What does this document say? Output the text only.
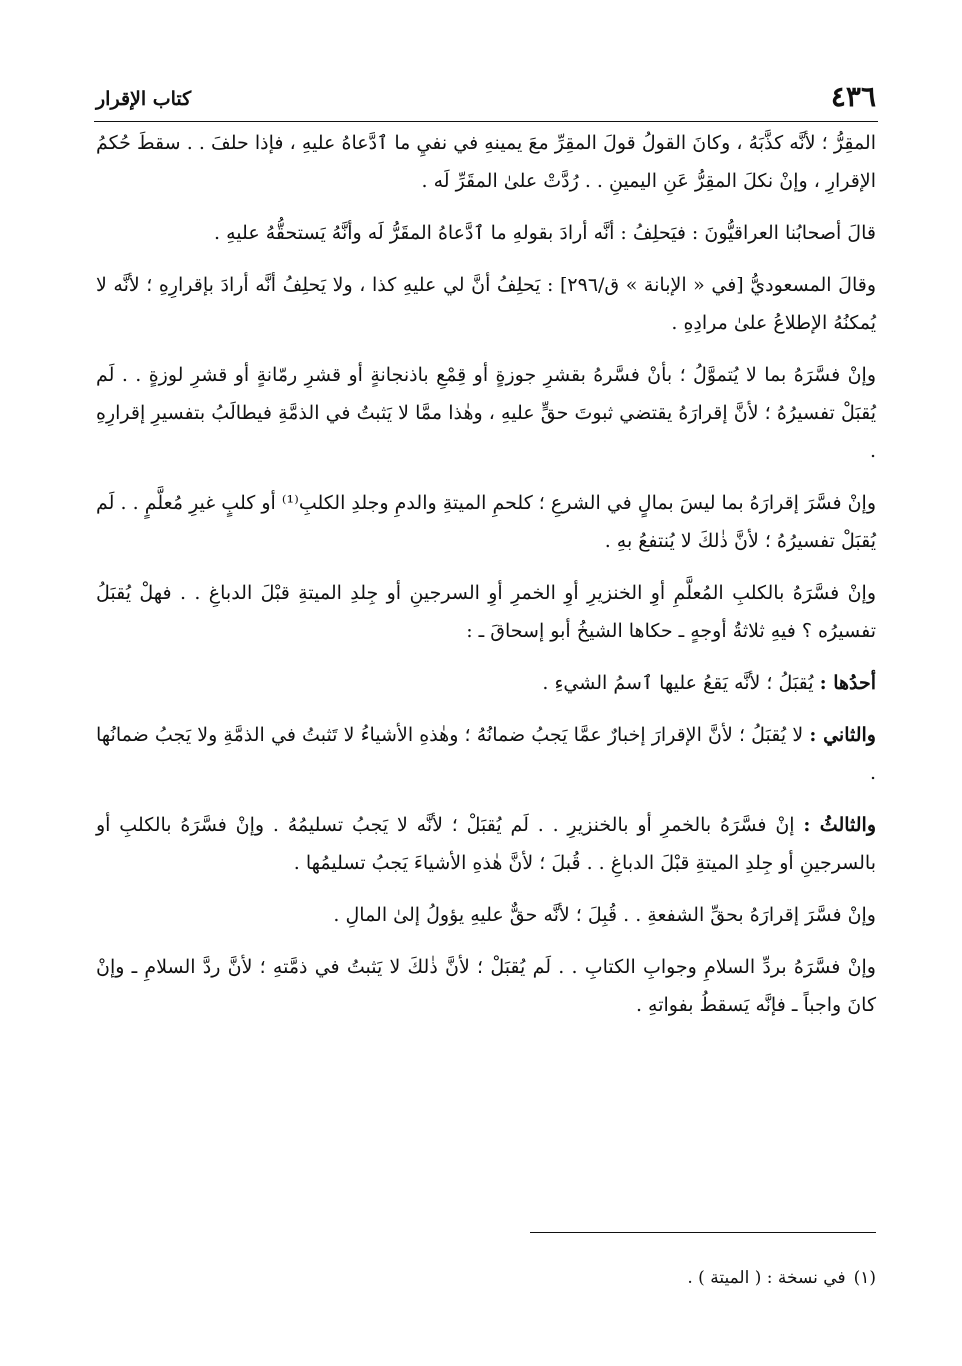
٤٣٦
كتاب الإقرار

المقِرُّ ؛ لأنَّه كذَّبَهُ ، وكانَ القولُ قولَ المقِرِّ معَ يمينهِ في نفيِ ما ٱدَّعاهُ عليهِ ، فإذا حلفَ . . سقطَ حُكمُ الإقرارِ ، وإنْ نكلَ المقِرُّ عَنِ اليمينِ . . رُدَّتْ علىٰ المقَرِّ لَه .

قالَ أصحابُنا العراقيُّونَ : فيَحلِفُ : أنَّه أرادَ بقولهِ ما ٱدَّعاهُ المقَرُّ لَه وأنَّهُ يَستحقُّهُ عليهِ .

وقالَ المسعوديُّ [في « الإبانة » ق/٢٩٦] : يَحلِفُ أنَّ لي عليهِ كذا ، ولا يَحلِفُ أنَّه أرادَ بإقرارِهِ ؛ لأنَّه لا يُمكنُهُ الإطلاعُ علىٰ مرادِهِ .

وإنْ فسَّرَهُ بما لا يُتموَّلُ ؛ بأنْ فسَّرهُ بقشرِ جوزةٍ أو قِمْعِ باذنجانةٍ أو قشرِ رمّانةٍ أو قشرِ لوزةٍ . . لَم يُقبَلْ تفسيرُهُ ؛ لأنَّ إقرارَهُ يقتضي ثبوتَ حقٍّ عليهِ ، وهٰذا ممَّا لا يَثبتُ في الذمَّةِ فيطالَبُ بتفسيرِ إقرارِهِ .

وإنْ فسَّرَ إقرارَهُ بما ليسَ بمالٍ في الشرعِ ؛ كلحمِ الميتةِ والدمِ وجلدِ الكلبِ⁽¹⁾ أو كلبٍ غيرِ مُعلَّمٍ . . لَم يُقبَلْ تفسيرُهُ ؛ لأنَّ ذٰلكَ لا يُنتفعُ بهِ .

وإنْ فسَّرَهُ بالكلبِ المُعلَّمِ أوِ الخنزيرِ أوِ الخمرِ أوِ السرجينِ أو جِلدِ الميتةِ قبْلَ الدباغِ . . فهلْ يُقبَلُ تفسيرُه ؟ فيهِ ثلاثةُ أوجهٍ ـ حكاها الشيخُ أبو إسحاقَ ـ :

أحدُها : يُقبَلُ ؛ لأنَّه يَقعُ عليها ٱسمُ الشيءِ .

والثاني : لا يُقبَلُ ؛ لأنَّ الإقرارَ إخبارٌ عمَّا يَجبُ ضمانُهُ ؛ وهٰذهِ الأشياءُ لا تَثبتُ في الذمَّةِ ولا يَجبُ ضمانُها .

والثالثُ : إنْ فسَّرَهُ بالخمرِ أو بالخنزيرِ . . لَم يُقبَلْ ؛ لأنَّه لا يَجبُ تسليمُهُ . وإنْ فسَّرَهُ بالكلبِ أو بالسرجينِ أو جِلدِ الميتةِ قبْلَ الدباغِ . . قُبلَ ؛ لأنَّ هٰذهِ الأشياءَ يَجبُ تسليمُها .

وإنْ فسَّرَ إقرارَهُ بحقِّ الشفعةِ . . قُبِلَ ؛ لأنَّه حقٌّ عليهِ يؤولُ إلىٰ المالِ .

وإنْ فسَّرَهُ بردِّ السلامِ وجوابِ الكتابِ . . لَم يُقبَلْ ؛ لأنَّ ذٰلكَ لا يَثبتُ في ذمَّتهِ ؛ لأنَّ ردَّ السلامِ ـ وإنْ كانَ واجباً ـ فإنَّه يَسقطُ بفواتهِ .

(١)في نسخة : ( الميتة ) .
